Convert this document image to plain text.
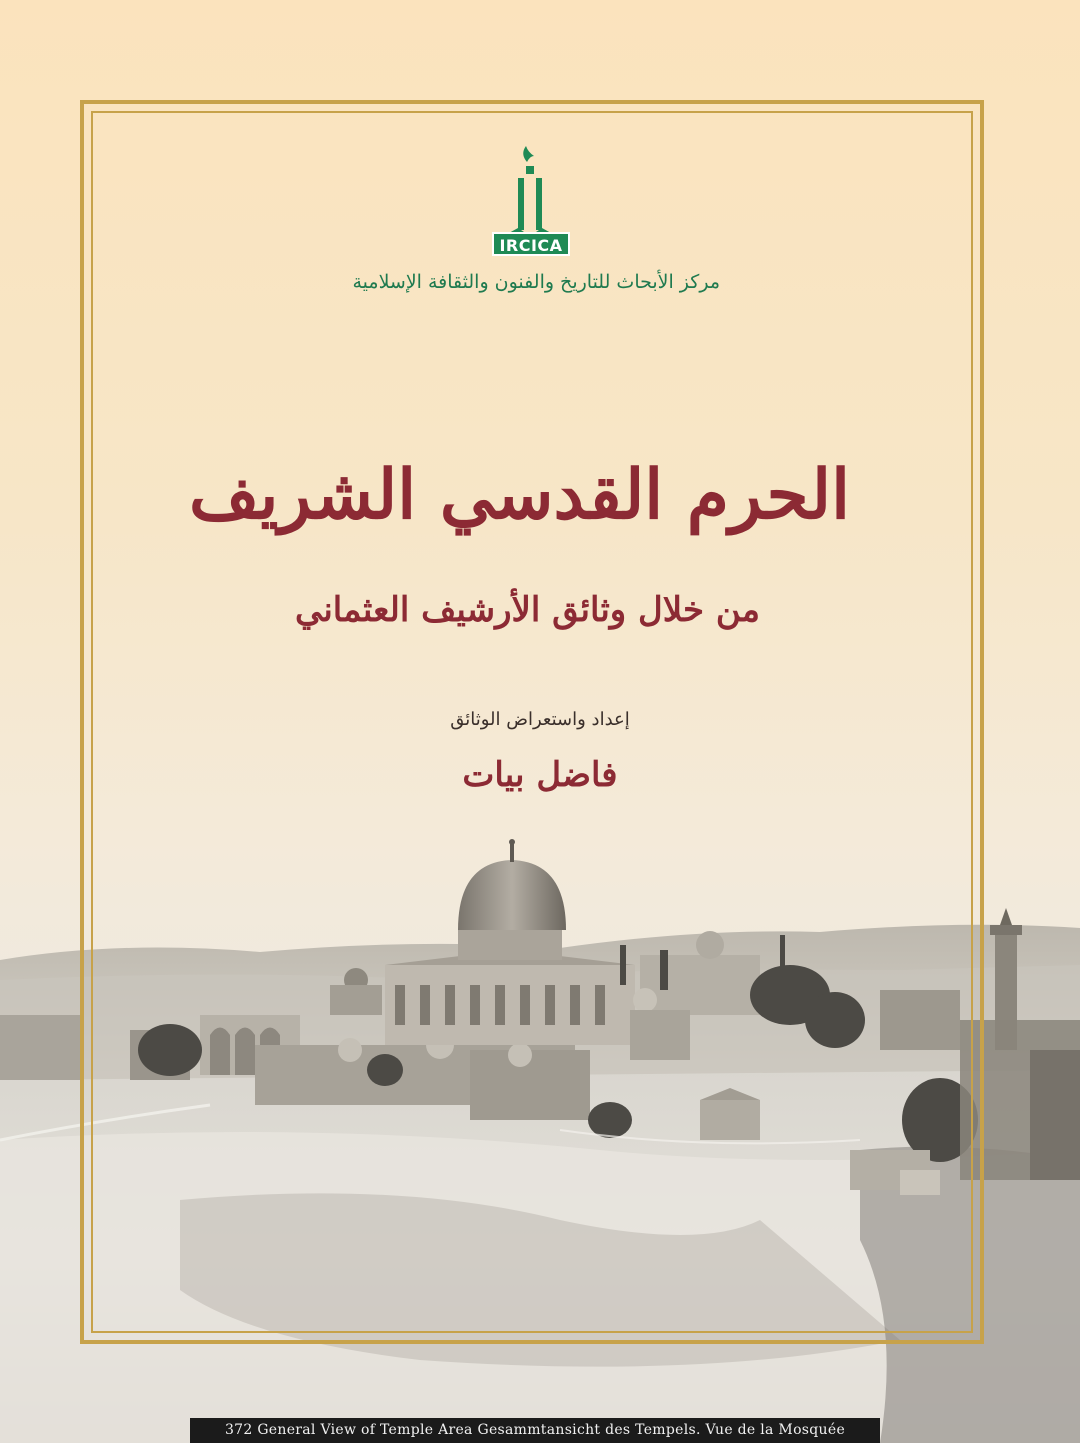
372 General View of Temple Area Gesammtansicht des Tempels. Vue de la Mosquée
IRCICA
مركز الأبحاث للتاريخ والفنون والثقافة الإسلامية
الحرم القدسي الشريف
من خلال وثائق الأرشيف العثماني
إعداد واستعراض الوثائق
فاضل بيات
